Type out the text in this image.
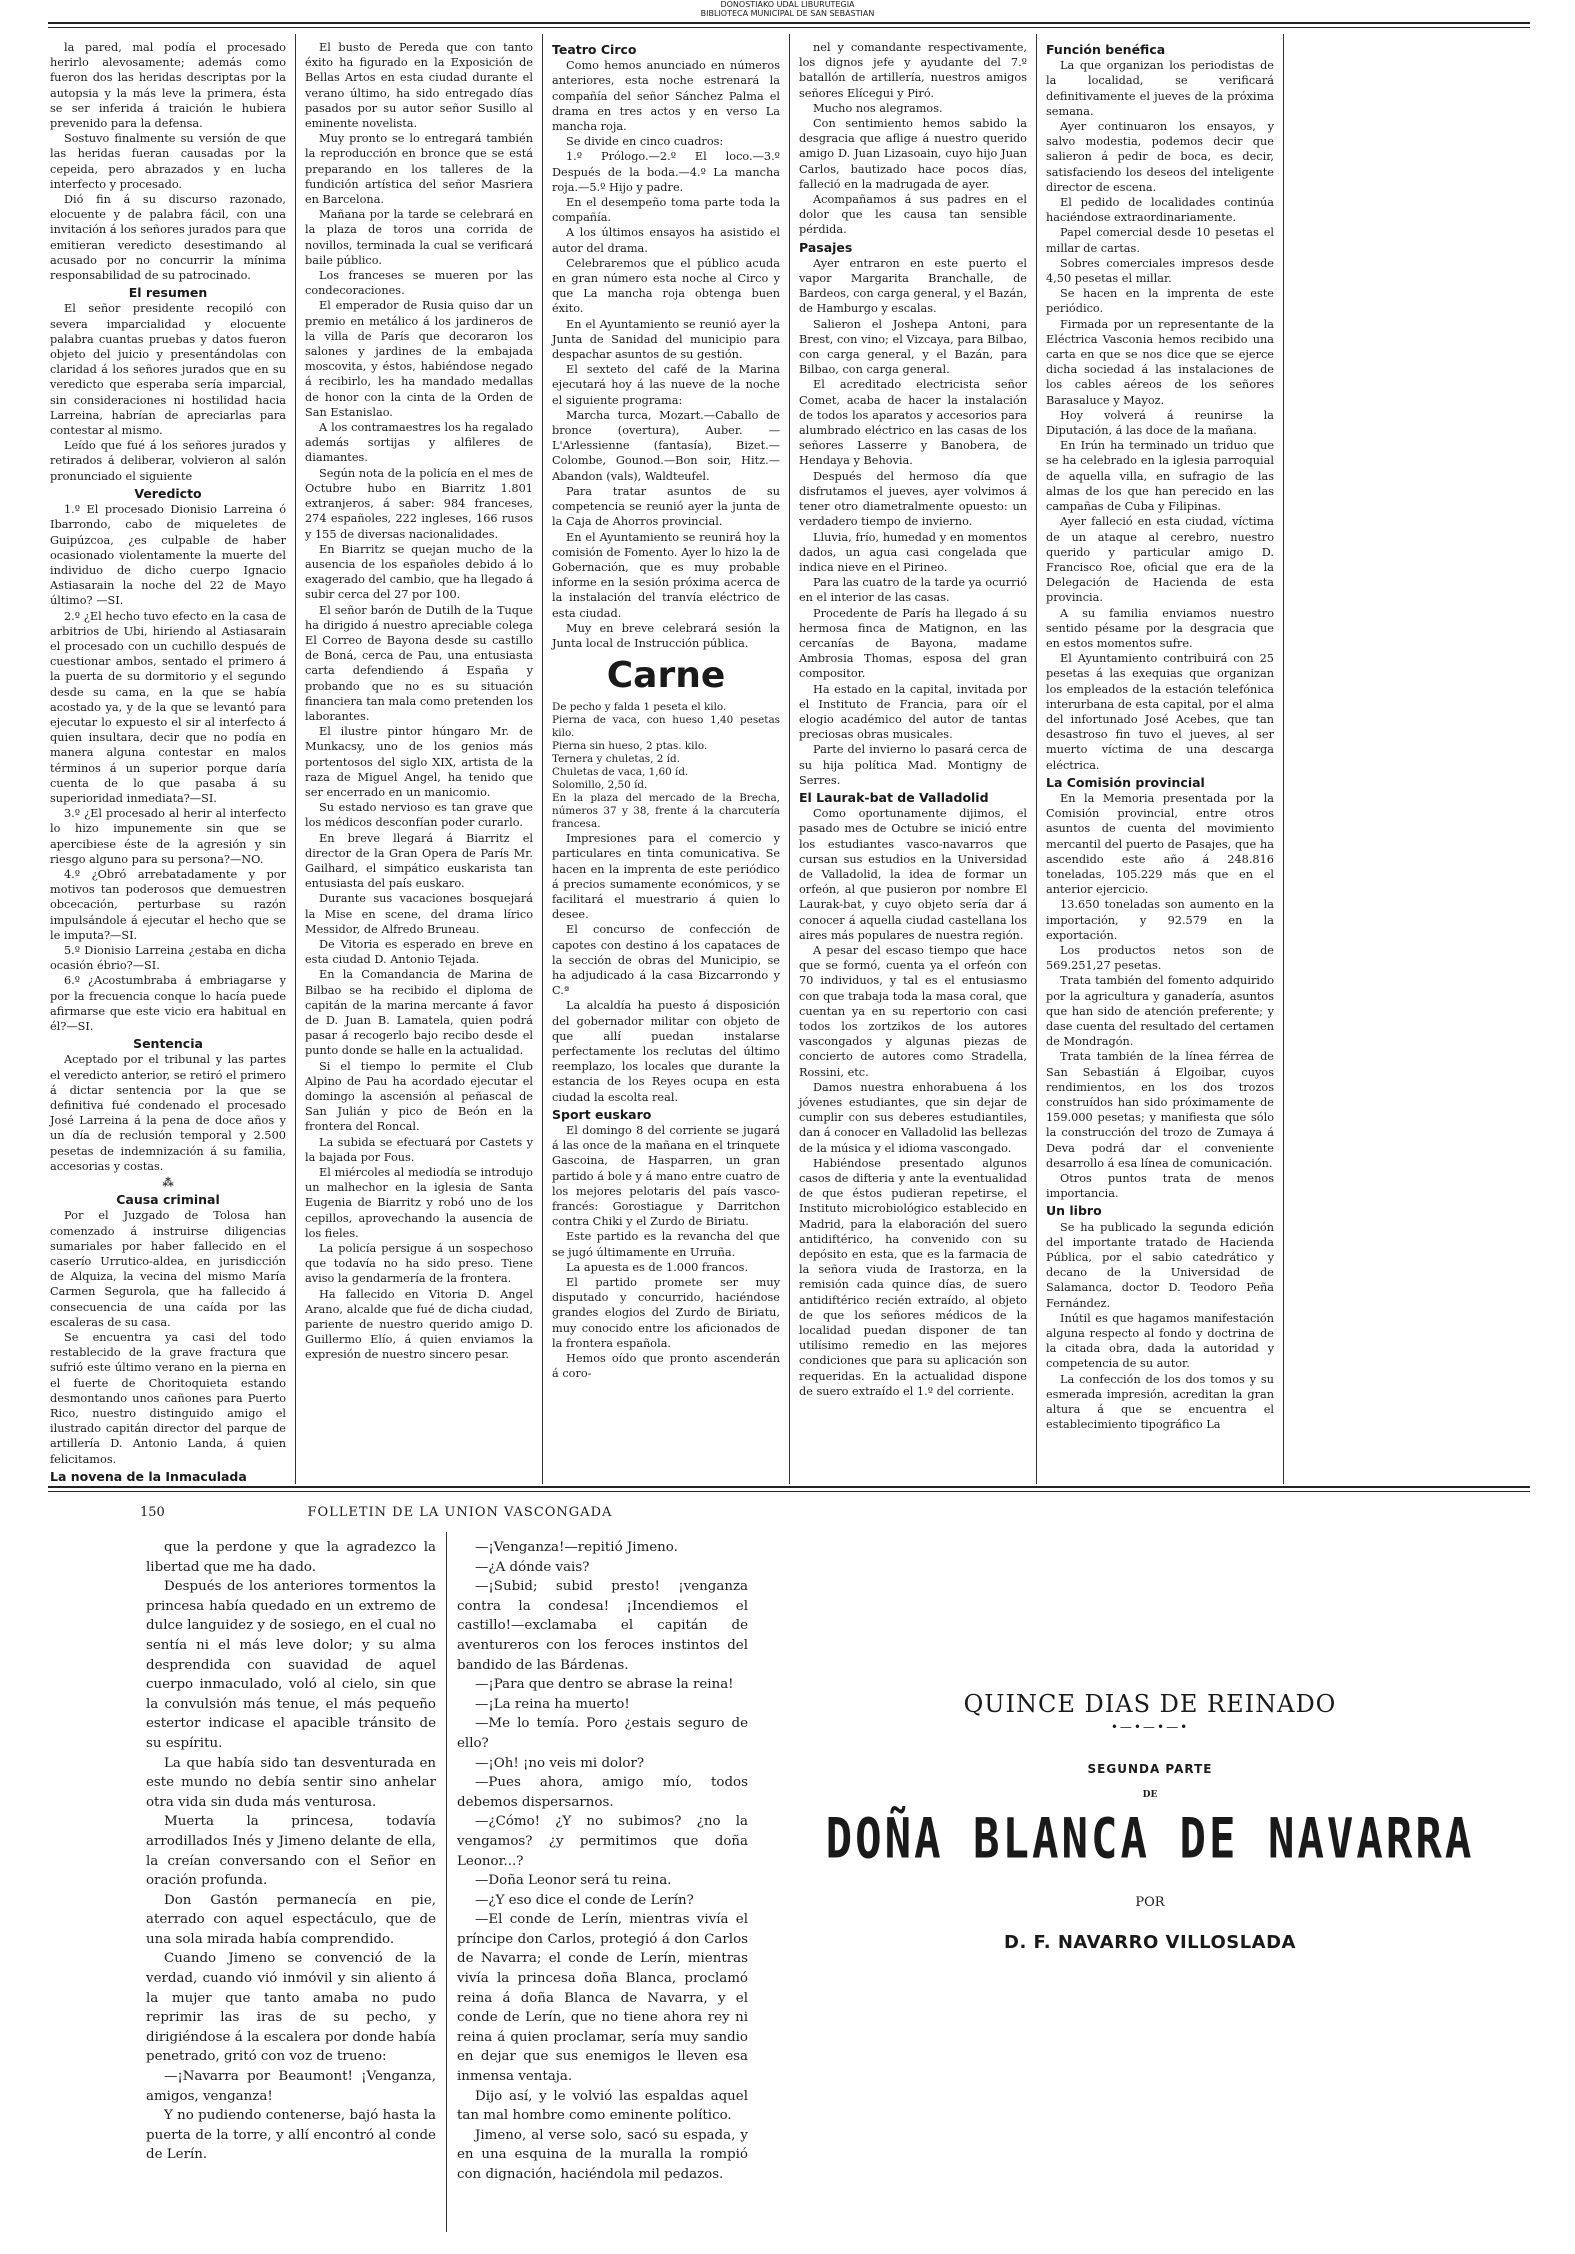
DONOSTIAKO UDAL LIBURUTEGIA
BIBLIOTECA MUNICIPAL DE SAN SEBASTIAN

la pared, mal podía el procesado herirlo alevosamente; además como fueron dos las heridas descriptas por la autopsia y la más leve la primera, ésta se ser inferida á traición le hubiera prevenido para la defensa.

Sostuvo finalmente su versión de que las heridas fueran causadas por la cepeida, pero abrazados y en lucha interfecto y procesado.

Dió fin á su discurso razonado, elocuente y de palabra fácil, con una invitación á los señores jurados para que emitieran veredicto desestimando al acusado por no concurrir la mínima responsabilidad de su patrocinado.

El resumen

El señor presidente recopiló con severa imparcialidad y elocuente palabra cuantas pruebas y datos fueron objeto del juicio y presentándolas con claridad á los señores jurados que en su veredicto que esperaba sería imparcial, sin consideraciones ni hostilidad hacia Larreina, habrían de apreciarlas para contestar al mismo.

Leído que fué á los señores jurados y retirados á deliberar, volvieron al salón pronunciado el siguiente

Veredicto

1.º El procesado Dionisio Larreina ó Ibarrondo, cabo de miqueletes de Guipúzcoa, ¿es culpable de haber ocasionado violentamente la muerte del individuo de dicho cuerpo Ignacio Astiasarain la noche del 22 de Mayo último? —SI.

2.º ¿El hecho tuvo efecto en la casa de arbitrios de Ubi, hiriendo al Astiasarain el procesado con un cuchillo después de cuestionar ambos, sentado el primero á la puerta de su dormitorio y el segundo desde su cama, en la que se había acostado ya, y de la que se levantó para ejecutar lo expuesto el sir al interfecto á quien insultara, decir que no podía en manera alguna contestar en malos términos á un superior porque daría cuenta de lo que pasaba á su superioridad inmediata?—SI.

3.º ¿El procesado al herir al interfecto lo hizo impunemente sin que se apercibiese éste de la agresión y sin riesgo alguno para su persona?—NO.

4.º ¿Obró arrebatadamente y por motivos tan poderosos que demuestren obcecación, perturbase su razón impulsándole á ejecutar el hecho que se le imputa?—SI.

5.º Dionisio Larreina ¿estaba en dicha ocasión ébrio?—SI.

6.º ¿Acostumbraba á embriagarse y por la frecuencia conque lo hacía puede afirmarse que este vicio era habitual en él?—SI.

Sentencia

Aceptado por el tribunal y las partes el veredicto anterior, se retiró el primero á dictar sentencia por la que se definitiva fué condenado el procesado José Larreina á la pena de doce años y un día de reclusión temporal y 2.500 pesetas de indemnización á su familia, accesorias y costas.

⁂
Causa criminal

Por el Juzgado de Tolosa han comenzado á instruirse diligencias sumariales por haber fallecido en el caserío Urrutico-aldea, en jurisdicción de Alquiza, la vecina del mismo María Carmen Segurola, que ha fallecido á consecuencia de una caída por las escaleras de su casa.

Se encuentra ya casi del todo restablecido de la grave fractura que sufrió este último verano en la pierna en el fuerte de Choritoquieta estando desmontando unos cañones para Puerto Rico, nuestro distinguido amigo el ilustrado capitán director del parque de artillería D. Antonio Landa, á quien felicitamos.

La novena de la Inmaculada

El busto de Pereda que con tanto éxito ha figurado en la Exposición de Bellas Artos en esta ciudad durante el verano último, ha sido entregado días pasados por su autor señor Susillo al eminente novelista.

Muy pronto se lo entregará también la reproducción en bronce que se está preparando en los talleres de la fundición artística del señor Masriera en Barcelona.

Mañana por la tarde se celebrará en la plaza de toros una corrida de novillos, terminada la cual se verificará baile público.

Los franceses se mueren por las condecoraciones.

El emperador de Rusia quiso dar un premio en metálico á los jardineros de la villa de París que decoraron los salones y jardines de la embajada moscovita, y éstos, habiéndose negado á recibirlo, les ha mandado medallas de honor con la cinta de la Orden de San Estanislao.

A los contramaestres los ha regalado además sortijas y alfileres de diamantes.

Según nota de la policía en el mes de Octubre hubo en Biarritz 1.801 extranjeros, á saber: 984 franceses, 274 españoles, 222 ingleses, 166 rusos y 155 de diversas nacionalidades.

En Biarritz se quejan mucho de la ausencia de los españoles debido á lo exagerado del cambio, que ha llegado á subir cerca del 27 por 100.

El señor barón de Dutilh de la Tuque ha dirigido á nuestro apreciable colega El Correo de Bayona desde su castillo de Boná, cerca de Pau, una entusiasta carta defendiendo á España y probando que no es su situación financiera tan mala como pretenden los laborantes.

El ilustre pintor húngaro Mr. de Munkacsy, uno de los genios más portentosos del siglo XIX, artista de la raza de Miguel Angel, ha tenido que ser encerrado en un manicomio.

Su estado nervioso es tan grave que los médicos desconfían poder curarlo.

En breve llegará á Biarritz el director de la Gran Opera de París Mr. Gailhard, el simpático euskarista tan entusiasta del país euskaro.

Durante sus vacaciones bosquejará la Mise en scene, del drama lírico Messidor, de Alfredo Bruneau.

De Vitoria es esperado en breve en esta ciudad D. Antonio Tejada.

En la Comandancia de Marina de Bilbao se ha recibido el diploma de capitán de la marina mercante á favor de D. Juan B. Lamatela, quien podrá pasar á recogerlo bajo recibo desde el punto donde se halle en la actualidad.

Si el tiempo lo permite el Club Alpino de Pau ha acordado ejecutar el domingo la ascensión al peñascal de San Julián y pico de Beón en la frontera del Roncal.

La subida se efectuará por Castets y la bajada por Fous.

El miércoles al mediodía se introdujo un malhechor en la iglesia de Santa Eugenia de Biarritz y robó uno de los cepillos, aprovechando la ausencia de los fieles.

La policía persigue á un sospechoso que todavía no ha sido preso. Tiene aviso la gendarmería de la frontera.

Ha fallecido en Vitoria D. Angel Arano, alcalde que fué de dicha ciudad, pariente de nuestro querido amigo D. Guillermo Elío, á quien enviamos la expresión de nuestro sincero pesar.

Teatro Circo

Como hemos anunciado en números anteriores, esta noche estrenará la compañía del señor Sánchez Palma el drama en tres actos y en verso La mancha roja.

Se divide en cinco cuadros:

1.º Prólogo.—2.º El loco.—3.º Después de la boda.—4.º La mancha roja.—5.º Hijo y padre.

En el desempeño toma parte toda la compañía.

A los últimos ensayos ha asistido el autor del drama.

Celebraremos que el público acuda en gran número esta noche al Circo y que La mancha roja obtenga buen éxito.

En el Ayuntamiento se reunió ayer la Junta de Sanidad del municipio para despachar asuntos de su gestión.

El sexteto del café de la Marina ejecutará hoy á las nueve de la noche el siguiente programa:

Marcha turca, Mozart.—Caballo de bronce (overtura), Auber. — L'Arlessienne (fantasía), Bizet.—Colombe, Gounod.—Bon soir, Hitz.—Abandon (vals), Waldteufel.

Para tratar asuntos de su competencia se reunió ayer la junta de la Caja de Ahorros provincial.

En el Ayuntamiento se reunirá hoy la comisión de Fomento. Ayer lo hizo la de Gobernación, que es muy probable informe en la sesión próxima acerca de la instalación del tranvía eléctrico de esta ciudad.

Muy en breve celebrará sesión la Junta local de Instrucción pública.

Carne

De pecho y falda 1 peseta el kilo.

Pierna de vaca, con hueso 1,40 pesetas kilo.

Pierna sin hueso, 2 ptas. kilo.

Ternera y chuletas, 2 íd.

Chuletas de vaca, 1,60 íd.

Solomillo, 2,50 íd.

En la plaza del mercado de la Brecha, números 37 y 38, frente á la charcutería francesa.

Impresiones para el comercio y particulares en tinta comunicativa. Se hacen en la imprenta de este periódico á precios sumamente económicos, y se facilitará el muestrario á quien lo desee.

El concurso de confección de capotes con destino á los capataces de la sección de obras del Municipio, se ha adjudicado á la casa Bizcarrondo y C.ª

La alcaldía ha puesto á disposición del gobernador militar con objeto de que allí puedan instalarse perfectamente los reclutas del último reemplazo, los locales que durante la estancia de los Reyes ocupa en esta ciudad la escolta real.

Sport euskaro

El domingo 8 del corriente se jugará á las once de la mañana en el trinquete Gascoina, de Hasparren, un gran partido á bole y á mano entre cuatro de los mejores pelotaris del país vasco-francés: Gorostiague y Darritchon contra Chiki y el Zurdo de Biriatu.

Este partido es la revancha del que se jugó últimamente en Urruña.

La apuesta es de 1.000 francos.

El partido promete ser muy disputado y concurrido, haciéndose grandes elogios del Zurdo de Biriatu, muy conocido entre los aficionados de la frontera española.

Hemos oído que pronto ascenderán á coro-

nel y comandante respectivamente, los dignos jefe y ayudante del 7.º batallón de artillería, nuestros amigos señores Elícegui y Piró.

Mucho nos alegramos.

Con sentimiento hemos sabido la desgracia que aflige á nuestro querido amigo D. Juan Lizasoain, cuyo hijo Juan Carlos, bautizado hace pocos días, falleció en la madrugada de ayer.

Acompañamos á sus padres en el dolor que les causa tan sensible pérdida.

Pasajes

Ayer entraron en este puerto el vapor Margarita Branchalle, de Bardeos, con carga general, y el Bazán, de Hamburgo y escalas.

Salieron el Joshepa Antoni, para Brest, con vino; el Vizcaya, para Bilbao, con carga general, y el Bazán, para Bilbao, con carga general.

El acreditado electricista señor Comet, acaba de hacer la instalación de todos los aparatos y accesorios para alumbrado eléctrico en las casas de los señores Lasserre y Banobera, de Hendaya y Behovia.

Después del hermoso día que disfrutamos el jueves, ayer volvimos á tener otro diametralmente opuesto: un verdadero tiempo de invierno.

Lluvia, frío, humedad y en momentos dados, un agua casi congelada que indica nieve en el Pirineo.

Para las cuatro de la tarde ya ocurrió en el interior de las casas.

Procedente de París ha llegado á su hermosa finca de Matignon, en las cercanías de Bayona, madame Ambrosia Thomas, esposa del gran compositor.

Ha estado en la capital, invitada por el Instituto de Francia, para oír el elogio académico del autor de tantas preciosas obras musicales.

Parte del invierno lo pasará cerca de su hija política Mad. Montigny de Serres.

El Laurak-bat de Valladolid

Como oportunamente dijimos, el pasado mes de Octubre se inició entre los estudiantes vasco-navarros que cursan sus estudios en la Universidad de Valladolid, la idea de formar un orfeón, al que pusieron por nombre El Laurak-bat, y cuyo objeto sería dar á conocer á aquella ciudad castellana los aires más populares de nuestra región.

A pesar del escaso tiempo que hace que se formó, cuenta ya el orfeón con 70 individuos, y tal es el entusiasmo con que trabaja toda la masa coral, que cuentan ya en su repertorio con casi todos los zortzikos de los autores vascongados y algunas piezas de concierto de autores como Stradella, Rossini, etc.

Damos nuestra enhorabuena á los jóvenes estudiantes, que sin dejar de cumplir con sus deberes estudiantiles, dan á conocer en Valladolid las bellezas de la música y el idioma vascongado.

Habiéndose presentado algunos casos de difteria y ante la eventualidad de que éstos pudieran repetirse, el Instituto microbiológico establecido en Madrid, para la elaboración del suero antidiftérico, ha convenido con su depósito en esta, que es la farmacia de la señora viuda de Irastorza, en la remisión cada quince días, de suero antidiftérico recién extraído, al objeto de que los señores médicos de la localidad puedan disponer de tan utilísimo remedio en las mejores condiciones que para su aplicación son requeridas. En la actualidad dispone de suero extraído el 1.º del corriente.

Función benéfica

La que organizan los periodistas de la localidad, se verificará definitivamente el jueves de la próxima semana.

Ayer continuaron los ensayos, y salvo modestia, podemos decir que salieron á pedir de boca, es decir, satisfaciendo los deseos del inteligente director de escena.

El pedido de localidades continúa haciéndose extraordinariamente.

Papel comercial desde 10 pesetas el millar de cartas.

Sobres comerciales impresos desde 4,50 pesetas el millar.

Se hacen en la imprenta de este periódico.

Firmada por un representante de la Eléctrica Vasconia hemos recibido una carta en que se nos dice que se ejerce dicha sociedad á las instalaciones de los cables aéreos de los señores Barasaluce y Mayoz.

Hoy volverá á reunirse la Diputación, á las doce de la mañana.

En Irún ha terminado un triduo que se ha celebrado en la iglesia parroquial de aquella villa, en sufragio de las almas de los que han perecido en las campañas de Cuba y Filipinas.

Ayer falleció en esta ciudad, víctima de un ataque al cerebro, nuestro querido y particular amigo D. Francisco Roe, oficial que era de la Delegación de Hacienda de esta provincia.

A su familia enviamos nuestro sentido pésame por la desgracia que en estos momentos sufre.

El Ayuntamiento contribuirá con 25 pesetas á las exequias que organizan los empleados de la estación telefónica interurbana de esta capital, por el alma del infortunado José Acebes, que tan desastroso fin tuvo el jueves, al ser muerto víctima de una descarga eléctrica.

La Comisión provincial

En la Memoria presentada por la Comisión provincial, entre otros asuntos de cuenta del movimiento mercantil del puerto de Pasajes, que ha ascendido este año á 248.816 toneladas, 105.229 más que en el anterior ejercicio.

13.650 toneladas son aumento en la importación, y 92.579 en la exportación.

Los productos netos son de 569.251,27 pesetas.

Trata también del fomento adquirido por la agricultura y ganadería, asuntos que han sido de atención preferente; y dase cuenta del resultado del certamen de Mondragón.

Trata también de la línea férrea de San Sebastián á Elgoibar, cuyos rendimientos, en los dos trozos construídos han sido próximamente de 159.000 pesetas; y manifiesta que sólo la construcción del trozo de Zumaya á Deva podrá dar el conveniente desarrollo á esa línea de comunicación.

Otros puntos trata de menos importancia.

Un libro

Se ha publicado la segunda edición del importante tratado de Hacienda Pública, por el sabio catedrático y decano de la Universidad de Salamanca, doctor D. Teodoro Peña Fernández.

Inútil es que hagamos manifestación alguna respecto al fondo y doctrina de la citada obra, dada la autoridad y competencia de su autor.

La confección de los dos tomos y su esmerada impresión, acreditan la gran altura á que se encuentra el establecimiento tipográfico La

150	FOLLETIN DE LA UNION VASCONGADA

que la perdone y que la agradezco la libertad que me ha dado.

Después de los anteriores tormentos la princesa había quedado en un extremo de dulce languidez y de sosiego, en el cual no sentía ni el más leve dolor; y su alma desprendida con suavidad de aquel cuerpo inmaculado, voló al cielo, sin que la convulsión más tenue, el más pequeño estertor indicase el apacible tránsito de su espíritu.

La que había sido tan desventurada en este mundo no debía sentir sino anhelar otra vida sin duda más venturosa.

Muerta la princesa, todavía arrodillados Inés y Jimeno delante de ella, la creían conversando con el Señor en oración profunda.

Don Gastón permanecía en pie, aterrado con aquel espectáculo, que de una sola mirada había comprendido.

Cuando Jimeno se convenció de la verdad, cuando vió inmóvil y sin aliento á la mujer que tanto amaba no pudo reprimir las iras de su pecho, y dirigiéndose á la escalera por donde había penetrado, gritó con voz de trueno:

—¡Navarra por Beaumont! ¡Venganza, amigos, venganza!

Y no pudiendo contenerse, bajó hasta la puerta de la torre, y allí encontró al conde de Lerín.

—¡Venganza!—repitió Jimeno.

—¿A dónde vais?

—¡Subid; subid presto! ¡venganza contra la condesa! ¡Incendiemos el castillo!—exclamaba el capitán de aventureros con los feroces instintos del bandido de las Bárdenas.

—¡Para que dentro se abrase la reina!

—¡La reina ha muerto!

—Me lo temía. Poro ¿estais seguro de ello?

—¡Oh! ¡no veis mi dolor?

—Pues ahora, amigo mío, todos debemos dispersarnos.

—¿Cómo! ¿Y no subimos? ¿no la vengamos? ¿y permitimos que doña Leonor...?

—Doña Leonor será tu reina.

—¿Y eso dice el conde de Lerín?

—El conde de Lerín, mientras vivía el príncipe don Carlos, protegió á don Carlos de Navarra; el conde de Lerín, mientras vivía la princesa doña Blanca, proclamó reina á doña Blanca de Navarra, y el conde de Lerín, que no tiene ahora rey ni reina á quien proclamar, sería muy sandio en dejar que sus enemigos le lleven esa inmensa ventaja.

Dijo así, y le volvió las espaldas aquel tan mal hombre como eminente político.

Jimeno, al verse solo, sacó su espada, y en una esquina de la muralla la rompió con dignación, haciéndola mil pedazos.

QUINCE DIAS DE REINADO
•—•—•—•
SEGUNDA PARTE
DE
DOÑA BLANCA DE NAVARRA
POR
D. F. NAVARRO VILLOSLADA
